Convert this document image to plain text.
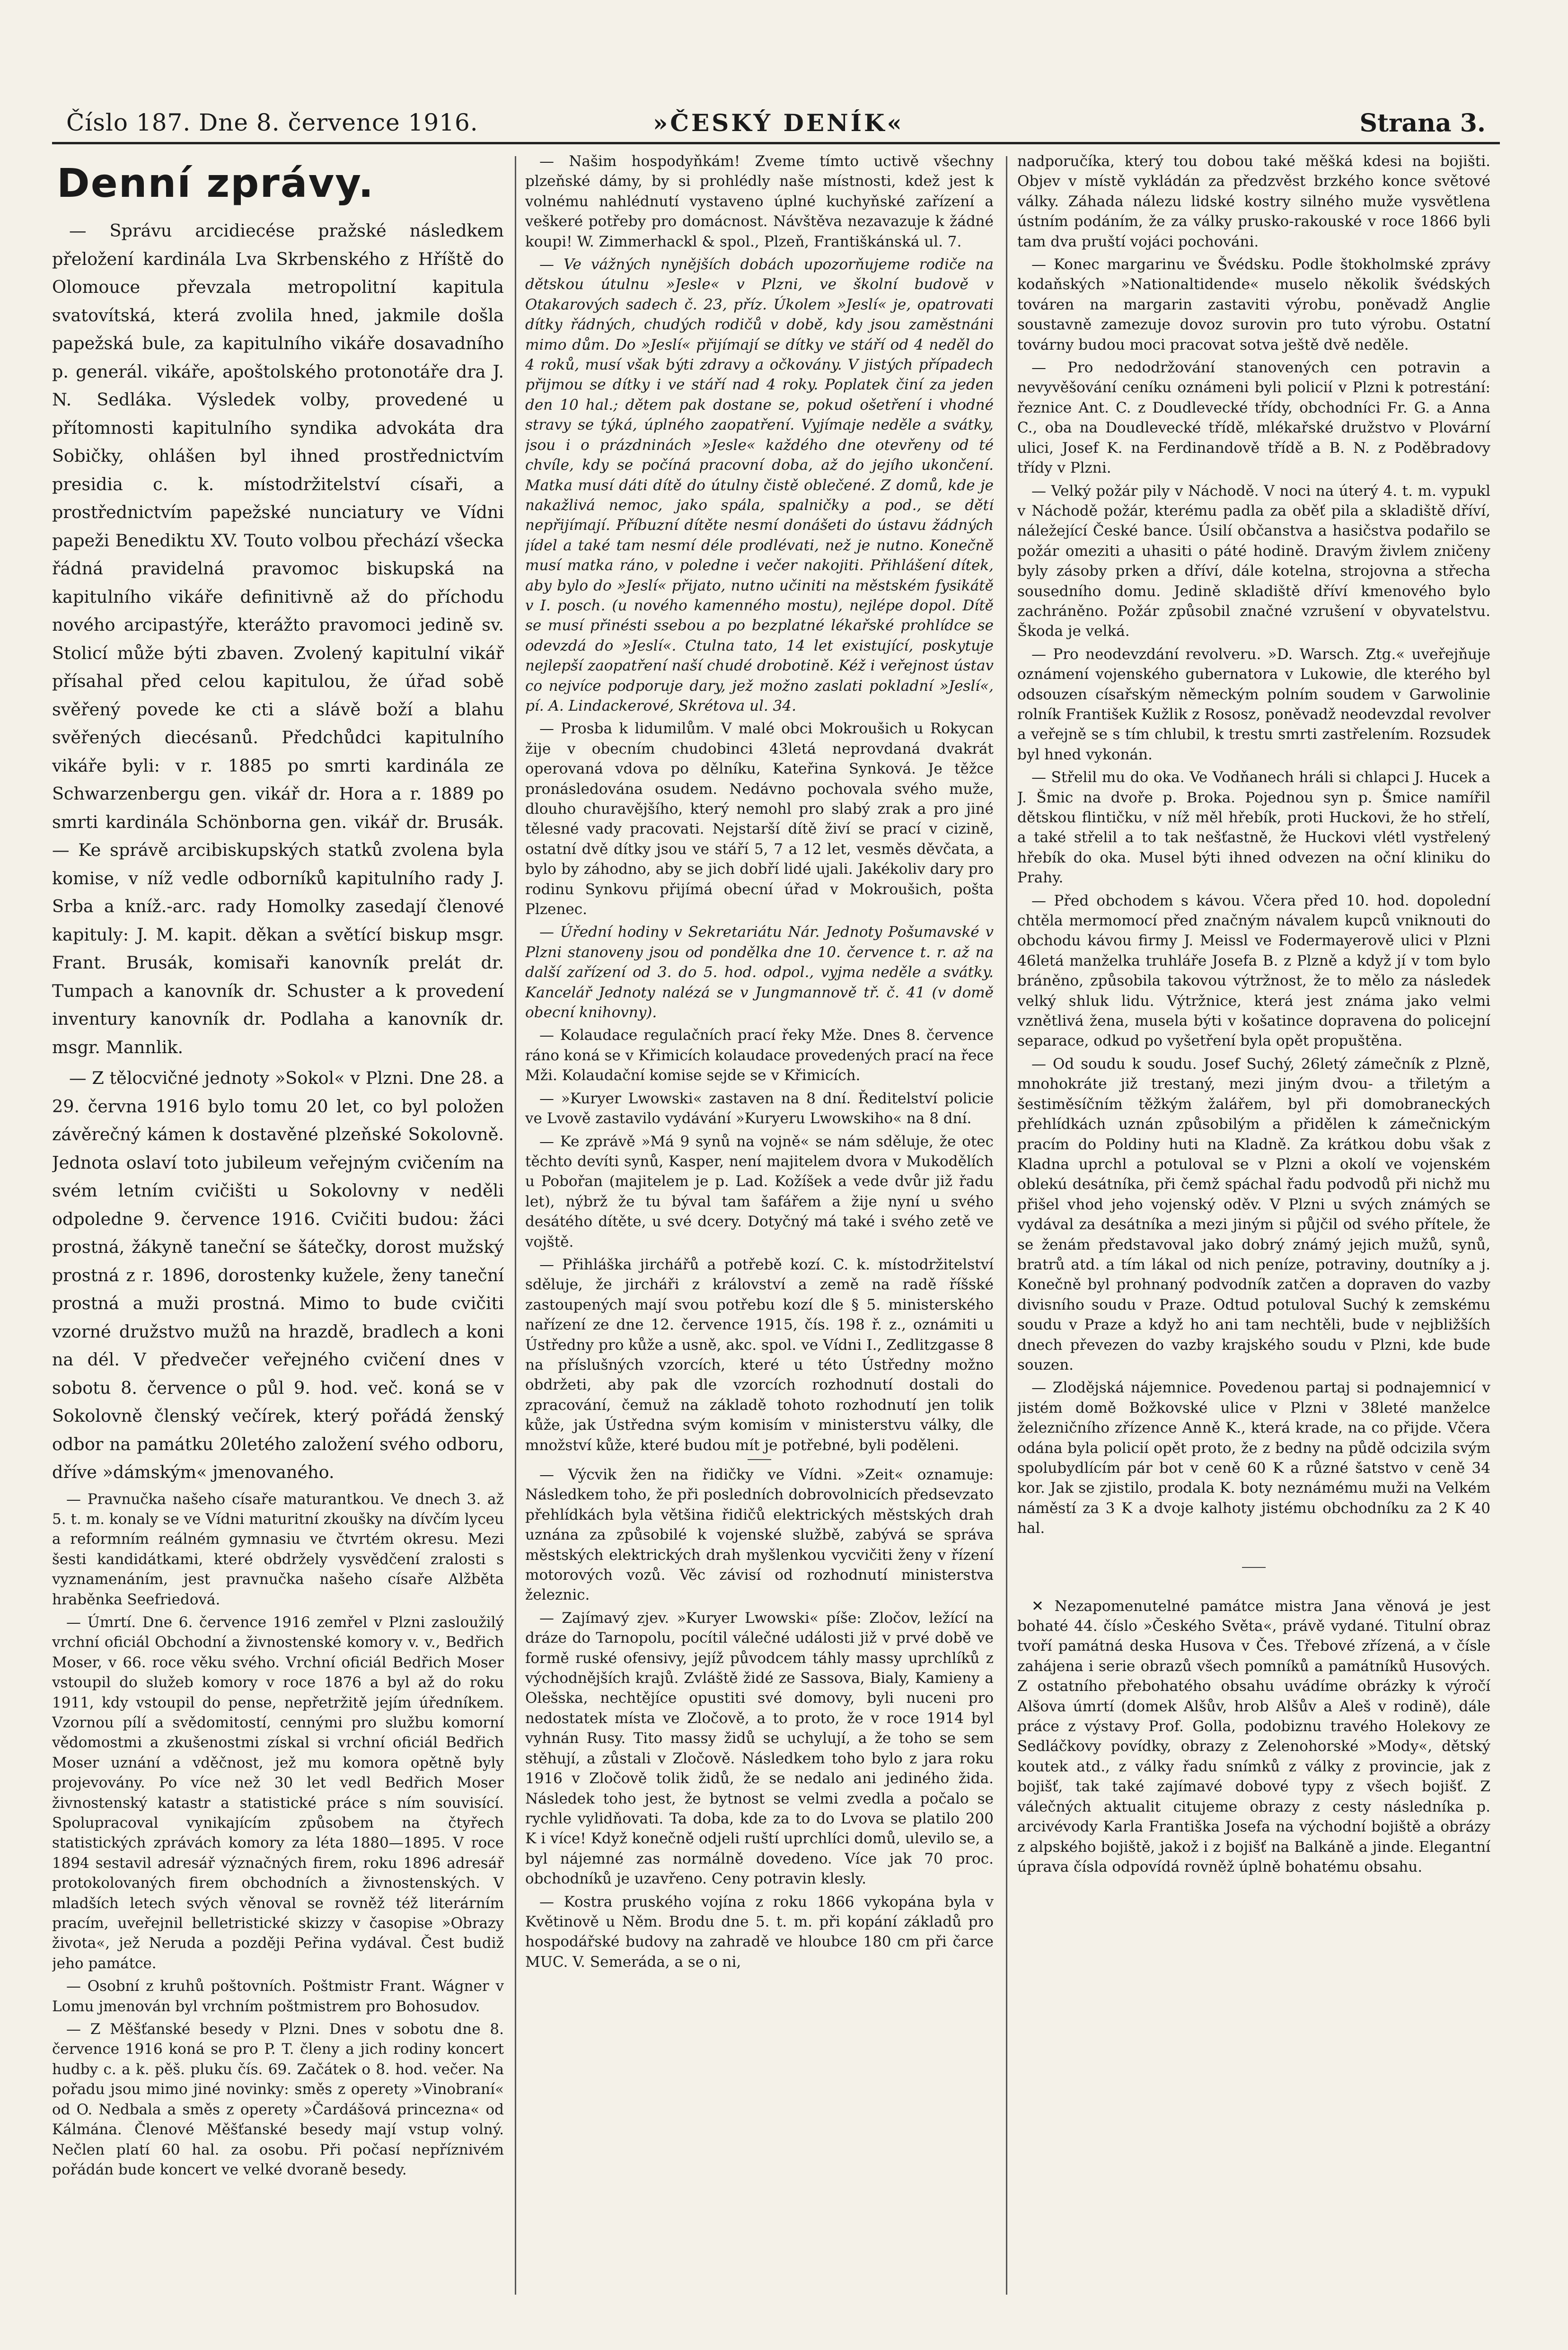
Číslo 187. Dne 8. července 1916.	»ČESKÝ DENÍK«	Strana 3.
Denní zprávy.

— Správu arcidiecése pražské následkem přeložení kardinála Lva Skrbenského z Hříště do Olomouce převzala metropolitní kapitula svatovítská, která zvolila hned, jakmile došla papežská bule, za kapitulního vikáře dosavadního p. generál. vikáře, apoštolského protonotáře dra J. N. Sedláka. Výsledek volby, provedené u přítomnosti kapitulního syndika advokáta dra Sobičky, ohlášen byl ihned prostřednictvím presidia c. k. místodržitelství císaři, a prostřednictvím papežské nunciatury ve Vídni papeži Benediktu XV. Touto volbou přechází všecka řádná pravidelná pravomoc biskupská na kapitulního vikáře definitivně až do příchodu nového arcipastýře, kterážto pravomoci jedině sv. Stolicí může býti zbaven. Zvolený kapitulní vikář přísahal před celou kapitulou, že úřad sobě svěřený povede ke cti a slávě boží a blahu svěřených diecésanů. Předchůdci kapitulního vikáře byli: v r. 1885 po smrti kardinála ze Schwarzenbergu gen. vikář dr. Hora a r. 1889 po smrti kardinála Schönborna gen. vikář dr. Brusák. — Ke správě arcibiskupských statků zvolena byla komise, v níž vedle odborníků kapitulního rady J. Srba a kníž.-arc. rady Homolky zasedají členové kapituly: J. M. kapit. děkan a světící biskup msgr. Frant. Brusák, komisaři kanovník prelát dr. Tumpach a kanovník dr. Schuster a k provedení inventury kanovník dr. Podlaha a kanovník dr. msgr. Mannlik.

— Z tělocvičné jednoty »Sokol« v Plzni. Dne 28. a 29. června 1916 bylo tomu 20 let, co byl položen závěrečný kámen k dostavěné plzeňské Sokolovně. Jednota oslaví toto jubileum veřejným cvičením na svém letním cvičišti u Sokolovny v neděli odpoledne 9. července 1916. Cvičiti budou: žáci prostná, žákyně taneční se šátečky, dorost mužský prostná z r. 1896, dorostenky kužele, ženy taneční prostná a muži prostná. Mimo to bude cvičiti vzorné družstvo mužů na hrazdě, bradlech a koni na dél. V předvečer veřejného cvičení dnes v sobotu 8. července o půl 9. hod. več. koná se v Sokolovně členský večírek, který pořádá ženský odbor na památku 20letého založení svého odboru, dříve »dámským« jmenovaného.

— Pravnučka našeho císaře maturantkou. Ve dnech 3. až 5. t. m. konaly se ve Vídni maturitní zkoušky na dívčím lyceu a reformním reálném gymnasiu ve čtvrtém okresu. Mezi šesti kandidátkami, které obdržely vysvědčení zralosti s vyznamenáním, jest pravnučka našeho císaře Alžběta hraběnka Seefriedová.

— Úmrtí. Dne 6. července 1916 zemřel v Plzni zasloužilý vrchní oficiál Obchodní a živnostenské komory v. v., Bedřich Moser, v 66. roce věku svého. Vrchní oficiál Bedřich Moser vstoupil do služeb komory v roce 1876 a byl až do roku 1911, kdy vstoupil do pense, nepřetržitě jejím úředníkem. Vzornou pílí a svědomitostí, cennými pro službu komorní vědomostmi a zkušenostmi získal si vrchní oficiál Bedřich Moser uznání a vděčnost, jež mu komora opětně byly projevovány. Po více než 30 let vedl Bedřich Moser živnostenský katastr a statistické práce s ním souvisící. Spolupracoval vynikajícím způsobem na čtyřech statistických zprávách komory za léta 1880—1895. V roce 1894 sestavil adresář význačných firem, roku 1896 adresář protokolovaných firem obchodních a živnostenských. V mladších letech svých věnoval se rovněž též literárním pracím, uveřejnil belletristické skizzy v časopise »Obrazy života«, jež Neruda a později Peřina vydával. Čest budiž jeho památce.

— Osobní z kruhů poštovních. Poštmistr Frant. Wágner v Lomu jmenován byl vrchním poštmistrem pro Bohosudov.

— Z Měšťanské besedy v Plzni. Dnes v sobotu dne 8. července 1916 koná se pro P. T. členy a jich rodiny koncert hudby c. a k. pěš. pluku čís. 69. Začátek o 8. hod. večer. Na pořadu jsou mimo jiné novinky: směs z operety »Vinobraní« od O. Nedbala a směs z operety »Čardášová princezna« od Kálmána. Členové Měšťanské besedy mají vstup volný. Nečlen platí 60 hal. za osobu. Při počasí nepříznivém pořádán bude koncert ve velké dvoraně besedy.

— Našim hospodyňkám! Zveme tímto uctivě všechny plzeňské dámy, by si prohlédly naše místnosti, kdež jest k volnému nahlédnutí vystaveno úplné kuchyňské zařízení a veškeré potřeby pro domácnost. Návštěva nezavazuje k žádné koupi! W. Zimmerhackl & spol., Plzeň, Františkánská ul. 7.

— Ve vážných nynějších dobách upozorňujeme rodiče na dětskou útulnu »Jesle« v Plzni, ve školní budově v Otakarových sadech č. 23, příz. Úkolem »Jeslí« je, opatrovati dítky řádných, chudých rodičů v době, kdy jsou zaměstnáni mimo dům. Do »Jeslí« přijímají se dítky ve stáří od 4 neděl do 4 roků, musí však býti zdravy a očkovány. V jistých případech přijmou se dítky i ve stáří nad 4 roky. Poplatek činí za jeden den 10 hal.; dětem pak dostane se, pokud ošetření i vhodné stravy se týká, úplného zaopatření. Vyjímaje neděle a svátky, jsou i o prázdninách »Jesle« každého dne otevřeny od té chvíle, kdy se počíná pracovní doba, až do jejího ukončení. Matka musí dáti dítě do útulny čistě oblečené. Z domů, kde je nakažlivá nemoc, jako spála, spalničky a pod., se dětí nepřijímají. Příbuzní dítěte nesmí donášeti do ústavu žádných jídel a také tam nesmí déle prodlévati, než je nutno. Konečně musí matka ráno, v poledne i večer nakojiti. Přihlášení dítek, aby bylo do »Jeslí« přijato, nutno učiniti na městském fysikátě v I. posch. (u nového kamenného mostu), nejlépe dopol. Dítě se musí přinésti ssebou a po bezplatné lékařské prohlídce se odevzdá do »Jeslí«. Ctulna tato, 14 let existující, poskytuje nejlepší zaopatření naší chudé drobotině. Kéž i veřejnost ústav co nejvíce podporuje dary, jež možno zaslati pokladní »Jeslí«, pí. A. Lindackerové, Skrétova ul. 34.

— Prosba k lidumilům. V malé obci Mokroušich u Rokycan žije v obecním chudobinci 43letá neprovdaná dvakrát operovaná vdova po dělníku, Kateřina Synková. Je těžce pronásledována osudem. Nedávno pochovala svého muže, dlouho churavějšího, který nemohl pro slabý zrak a pro jiné tělesné vady pracovati. Nejstarší dítě živí se prací v cizině, ostatní dvě dítky jsou ve stáří 5, 7 a 12 let, vesměs děvčata, a bylo by záhodno, aby se jich dobří lidé ujali. Jakékoliv dary pro rodinu Synkovu přijímá obecní úřad v Mokroušich, pošta Plzenec.

— Úřední hodiny v Sekretariátu Nár. Jednoty Pošumavské v Plzni stanoveny jsou od pondělka dne 10. července t. r. až na další zařízení od 3. do 5. hod. odpol., vyjma neděle a svátky. Kancelář Jednoty nalézá se v Jungmannově tř. č. 41 (v domě obecní knihovny).

— Kolaudace regulačních prací řeky Mže. Dnes 8. července ráno koná se v Křimicích kolaudace provedených prací na řece Mži. Kolaudační komise sejde se v Křimicích.

— »Kuryer Lwowski« zastaven na 8 dní. Ředitelství policie ve Lvově zastavilo vydávání »Kuryeru Lwowskiho« na 8 dní.

— Ke zprávě »Má 9 synů na vojně« se nám sděluje, že otec těchto devíti synů, Kasper, není majitelem dvora v Mukodělích u Pobořan (majitelem je p. Lad. Kožíšek a vede dvůr již řadu let), nýbrž že tu býval tam šafářem a žije nyní u svého desátého dítěte, u své dcery. Dotyčný má také i svého zetě ve vojště.

— Přihláška jirchářů a potřebě kozí. C. k. místodržitelství sděluje, že jircháři z království a země na radě říšské zastoupených mají svou potřebu kozí dle § 5. ministerského nařízení ze dne 12. července 1915, čís. 198 ř. z., oznámiti u Ústředny pro kůže a usně, akc. spol. ve Vídni I., Zedlitzgasse 8 na příslušných vzorcích, které u této Ústředny možno obdržeti, aby pak dle vzorcích rozhodnutí dostali do zpracování, čemuž na základě tohoto rozhodnutí jen tolik kůže, jak Ústředna svým komisím v ministerstvu války, dle množství kůže, které budou mít je potřebné, byli poděleni.

— Výcvik žen na řidičky ve Vídni. »Zeit« oznamuje: Následkem toho, že při posledních dobrovolnicích předsevzato přehlídkách byla většina řidičů elektrických městských drah uznána za způsobilé k vojenské službě, zabývá se správa městských elektrických drah myšlenkou vycvičiti ženy v řízení motorových vozů. Věc závisí od rozhodnutí ministerstva železnic.

— Zajímavý zjev. »Kuryer Lwowski« píše: Zločov, ležící na dráze do Tarnopolu, pocítil válečné události již v prvé době ve formě ruské ofensivy, jejíž původcem táhly massy uprchlíků z východnějších krajů. Zvláště židé ze Sassova, Bialy, Kamieny a Olešska, nechtějíce opustiti své domovy, byli nuceni pro nedostatek místa ve Zločově, a to proto, že v roce 1914 byl vyhnán Rusy. Tito massy židů se uchylují, a že toho se sem stěhují, a zůstali v Zločově. Následkem toho bylo z jara roku 1916 v Zločově tolik židů, že se nedalo ani jediného žida. Následek toho jest, že bytnost se velmi zvedla a počalo se rychle vylidňovati. Ta doba, kde za to do Lvova se platilo 200 K i více! Když konečně odjeli ruští uprchlíci domů, ulevilo se, a byl nájemné zas normálně dovedeno. Více jak 70 proc. obchodníků je uzavřeno. Ceny potravin klesly.

— Kostra pruského vojína z roku 1866 vykopána byla v Květinově u Něm. Brodu dne 5. t. m. při kopání základů pro hospodářské budovy na zahradě ve hloubce 180 cm při čarce MUC. V. Semeráda, a se o ni,

nadporučíka, který tou dobou také měšká kdesi na bojišti. Objev v místě vykládán za předzvěst brzkého konce světové války. Záhada nálezu lidské kostry silného muže vysvětlena ústním podáním, že za války prusko-rakouské v roce 1866 byli tam dva pruští vojáci pochováni.

— Konec margarinu ve Švédsku. Podle štokholmské zprávy kodaňských »Nationaltidende« muselo několik švédských továren na margarin zastaviti výrobu, poněvadž Anglie soustavně zamezuje dovoz surovin pro tuto výrobu. Ostatní továrny budou moci pracovat sotva ještě dvě neděle.

— Pro nedodržování stanovených cen potravin a nevyvěšování ceníku oznámeni byli policií v Plzni k potrestání: řeznice Ant. C. z Doudlevecké třídy, obchodníci Fr. G. a Anna C., oba na Doudlevecké třídě, mlékařské družstvo v Plovární ulici, Josef K. na Ferdinandově třídě a B. N. z Poděbradovy třídy v Plzni.

— Velký požár pily v Náchodě. V noci na úterý 4. t. m. vypukl v Náchodě požár, kterému padla za oběť pila a skladiště dříví, náležející České bance. Úsilí občanstva a hasičstva podařilo se požár omeziti a uhasiti o páté hodině. Dravým živlem zničeny byly zásoby prken a dříví, dále kotelna, strojovna a střecha sousedního domu. Jedině skladiště dříví kmenového bylo zachráněno. Požár způsobil značné vzrušení v obyvatelstvu. Škoda je velká.

— Pro neodevzdání revolveru. »D. Warsch. Ztg.« uveřejňuje oznámení vojenského gubernatora v Lukowie, dle kterého byl odsouzen císařským německým polním soudem v Garwolinie rolník František Kužlik z Rososz, poněvadž neodevzdal revolver a veřejně se s tím chlubil, k trestu smrti zastřelením. Rozsudek byl hned vykonán.

— Střelil mu do oka. Ve Vodňanech hráli si chlapci J. Hucek a J. Šmic na dvoře p. Broka. Pojednou syn p. Šmice namířil dětskou flintičku, v níž měl hřebík, proti Huckovi, že ho střelí, a také střelil a to tak nešťastně, že Huckovi vlétl vystřelený hřebík do oka. Musel býti ihned odvezen na oční kliniku do Prahy.

— Před obchodem s kávou. Včera před 10. hod. dopolední chtěla mermomocí před značným návalem kupců vniknouti do obchodu kávou firmy J. Meissl ve Fodermayerově ulici v Plzni 46letá manželka truhláře Josefa B. z Plzně a když jí v tom bylo bráněno, způsobila takovou výtržnost, že to mělo za následek velký shluk lidu. Výtržnice, která jest známa jako velmi vznětlivá žena, musela býti v košatince dopravena do policejní separace, odkud po vyšetření byla opět propuštěna.

— Od soudu k soudu. Josef Suchý, 26letý zámečník z Plzně, mnohokráte již trestaný, mezi jiným dvou- a třiletým a šestiměsíčním těžkým žalářem, byl při domobraneckých přehlídkách uznán způsobilým a přidělen k zámečnickým pracím do Poldiny huti na Kladně. Za krátkou dobu však z Kladna uprchl a potuloval se v Plzni a okolí ve vojenském oblekú desátníka, při čemž spáchal řadu podvodů při nichž mu přišel vhod jeho vojenský oděv. V Plzni u svých známých se vydával za desátníka a mezi jiným si půjčil od svého přítele, že se ženám představoval jako dobrý známý jejich mužů, synů, bratrů atd. a tím lákal od nich peníze, potraviny, doutníky a j. Konečně byl prohnaný podvodník zatčen a dopraven do vazby divisního soudu v Praze. Odtud potuloval Suchý k zemskému soudu v Praze a když ho ani tam nechtěli, bude v nejbližších dnech převezen do vazby krajského soudu v Plzni, kde bude souzen.

— Zlodějská nájemnice. Povedenou partaj si podnajemnicí v jistém domě Božkovské ulice v Plzni v 38leté manželce železničního zřízence Anně K., která krade, na co přijde. Včera odána byla policií opět proto, že z bedny na půdě odcizila svým spolubydlícím pár bot v ceně 60 K a různé šatstvo v ceně 34 kor. Jak se zjistilo, prodala K. boty neznámému muži na Velkém náměstí za 3 K a dvoje kalhoty jistému obchodníku za 2 K 40 hal.

✕ Nezapomenutelné památce mistra Jana věnová je jest bohaté 44. číslo »Českého Světa«, právě vydané. Titulní obraz tvoří památná deska Husova v Čes. Třebové zřízená, a v čísle zahájena i serie obrazů všech pomníků a památníků Husových. Z ostatního přebohatého obsahu uvádíme obrázky k výročí Alšova úmrtí (domek Alšův, hrob Alšův a Aleš v rodině), dále práce z výstavy Prof. Golla, podobiznu travého Holekovy ze Sedláčkovy povídky, obrazy z Zelenohorské »Mody«, dětský koutek atd., z války řadu snímků z války z provincie, jak z bojišť, tak také zajímavé dobové typy z všech bojišť. Z válečných aktualit citujeme obrazy z cesty následníka p. arcivévody Karla Františka Josefa na východní bojiště a obrázy z alpského bojiště, jakož i z bojišť na Balkáně a jinde. Elegantní úprava čísla odpovídá rovněž úplně bohatému obsahu.
